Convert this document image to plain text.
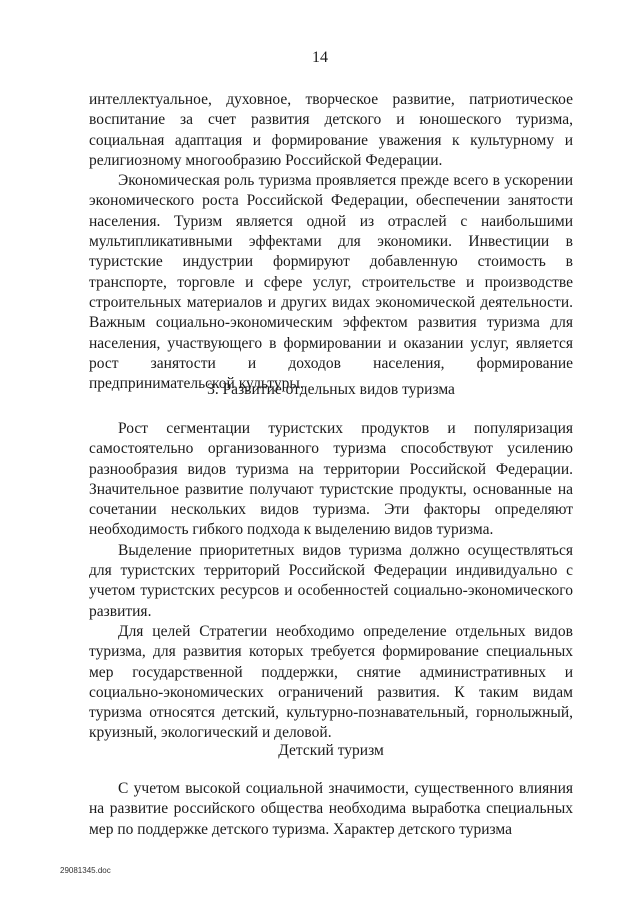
14

интеллектуальное, духовное, творческое развитие, патриотическое воспитание за счет развития детского и юношеского туризма, социальная адаптация и формирование уважения к культурному и религиозному многообразию Российской Федерации.

Экономическая роль туризма проявляется прежде всего в ускорении экономического роста Российской Федерации, обеспечении занятости населения. Туризм является одной из отраслей с наибольшими мультипликативными эффектами для экономики. Инвестиции в туристские индустрии формируют добавленную стоимость в транспорте, торговле и сфере услуг, строительстве и производстве строительных материалов и других видах экономической деятельности. Важным социально-экономическим эффектом развития туризма для населения, участвующего в формировании и оказании услуг, является рост занятости и доходов населения, формирование предпринимательской культуры.

3. Развитие отдельных видов туризма

Рост сегментации туристских продуктов и популяризация самостоятельно организованного туризма способствуют усилению разнообразия видов туризма на территории Российской Федерации. Значительное развитие получают туристские продукты, основанные на сочетании нескольких видов туризма. Эти факторы определяют необходимость гибкого подхода к выделению видов туризма.

Выделение приоритетных видов туризма должно осуществляться для туристских территорий Российской Федерации индивидуально с учетом туристских ресурсов и особенностей социально-экономического развития.

Для целей Стратегии необходимо определение отдельных видов туризма, для развития которых требуется формирование специальных мер государственной поддержки, снятие административных и социально-экономических ограничений развития. К таким видам туризма относятся детский, культурно-познавательный, горнолыжный, круизный, экологический и деловой.

Детский туризм

С учетом высокой социальной значимости, существенного влияния на развитие российского общества необходима выработка специальных мер по поддержке детского туризма. Характер детского туризма

29081345.doc
